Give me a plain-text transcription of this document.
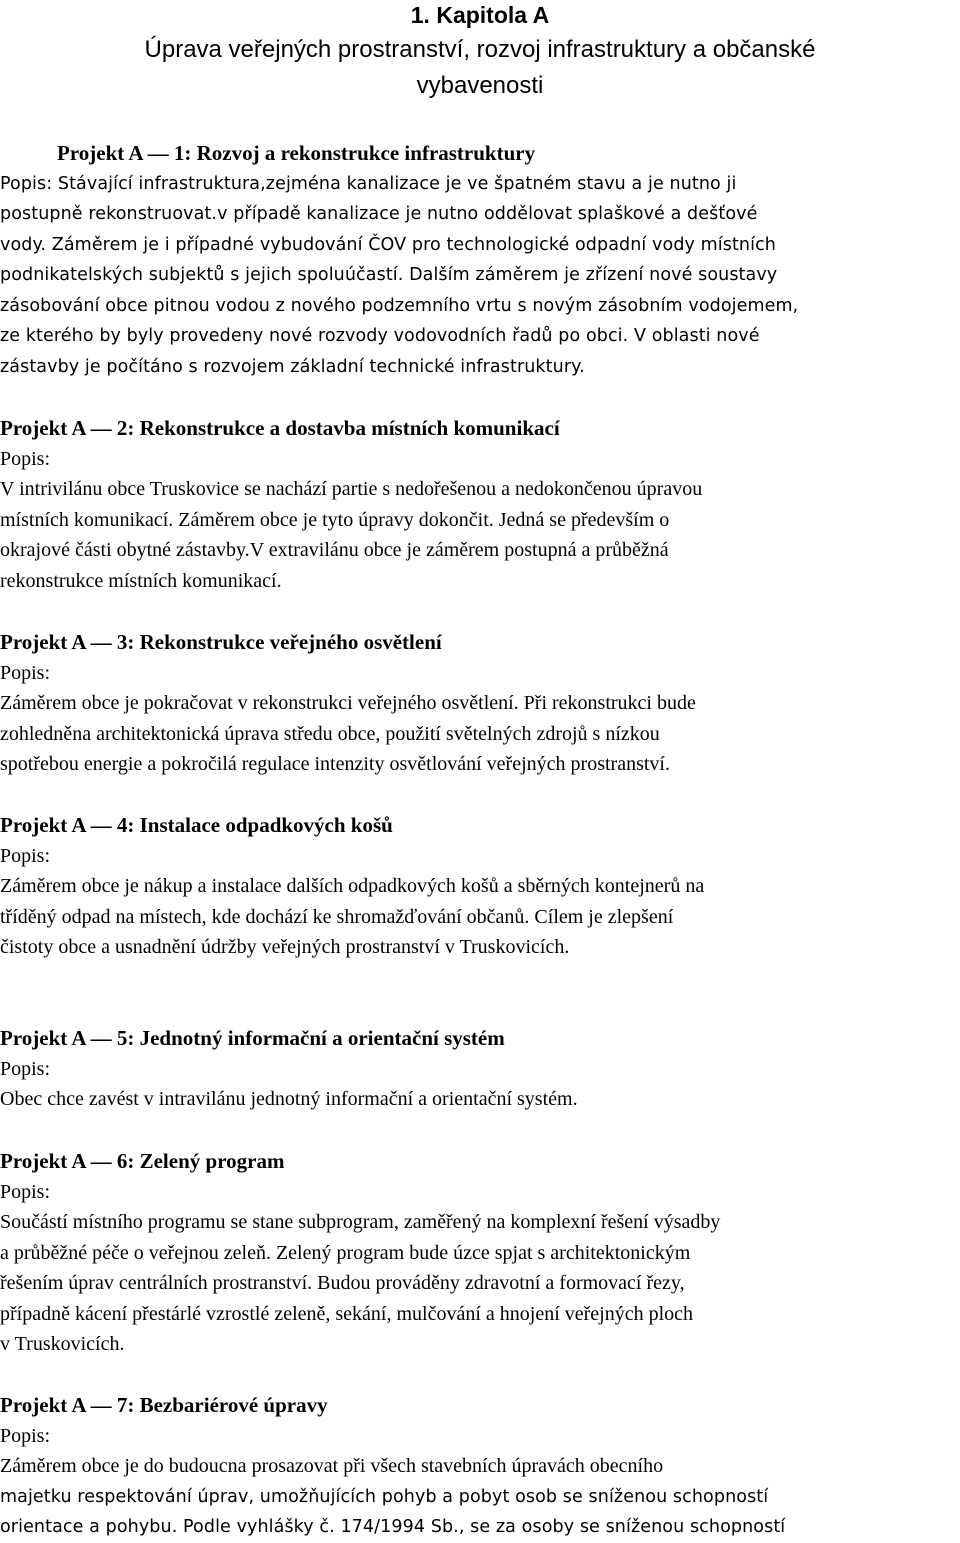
1. Kapitola A
Úprava veřejných prostranství, rozvoj infrastruktury a občanské
vybavenosti
Projekt A — 1: Rozvoj a rekonstrukce infrastruktury
Popis: Stávající infrastruktura,zejména kanalizace je ve špatném stavu a je nutno ji
postupně rekonstruovat.v případě kanalizace je nutno oddělovat splaškové a dešťové
vody. Záměrem je i případné vybudování ČOV pro technologické odpadní vody místních
podnikatelských subjektů s jejich spoluúčastí. Dalším záměrem je zřízení nové soustavy
zásobování obce pitnou vodou z nového podzemního vrtu s novým zásobním vodojemem,
ze kterého by byly provedeny nové rozvody vodovodních řadů po obci. V oblasti nové
zástavby je počítáno s rozvojem základní technické infrastruktury.
Projekt A — 2: Rekonstrukce a dostavba místních komunikací
Popis:
V intrivilánu obce Truskovice se nachází partie s nedořešenou a nedokončenou úpravou
místních komunikací. Záměrem obce je tyto úpravy dokončit. Jedná se především o
okrajové části obytné zástavby.V extravilánu obce je záměrem postupná a průběžná
rekonstrukce místních komunikací.
Projekt A — 3: Rekonstrukce veřejného osvětlení
Popis:
Záměrem obce je pokračovat v rekonstrukci veřejného osvětlení. Při rekonstrukci bude
zohledněna architektonická úprava středu obce, použití světelných zdrojů s nízkou
spotřebou energie a pokročilá regulace intenzity osvětlování veřejných prostranství.
Projekt A — 4: Instalace odpadkových košů
Popis:
Záměrem obce je nákup a instalace dalších odpadkových košů a sběrných kontejnerů na
tříděný odpad na místech, kde dochází ke shromažďování občanů. Cílem je zlepšení
čistoty obce a usnadnění údržby veřejných prostranství v Truskovicích.
Projekt A — 5: Jednotný informační a orientační systém
Popis:
Obec chce zavést v intravilánu jednotný informační a orientační systém.
Projekt A — 6: Zelený program
Popis:
Součástí místního programu se stane subprogram, zaměřený na komplexní řešení výsadby
a průběžné péče o veřejnou zeleň. Zelený program bude úzce spjat s architektonickým
řešením úprav centrálních prostranství. Budou prováděny zdravotní a formovací řezy,
případně kácení přestárlé vzrostlé zeleně, sekání, mulčování a hnojení veřejných ploch
v Truskovicích.
Projekt A — 7: Bezbariérové úpravy
Popis:
Záměrem obce je do budoucna prosazovat při všech stavebních úpravách obecního
majetku respektování úprav, umožňujících pohyb a pobyt osob se sníženou schopností
orientace a pohybu. Podle vyhlášky č. 174/1994 Sb., se za osoby se sníženou schopností
